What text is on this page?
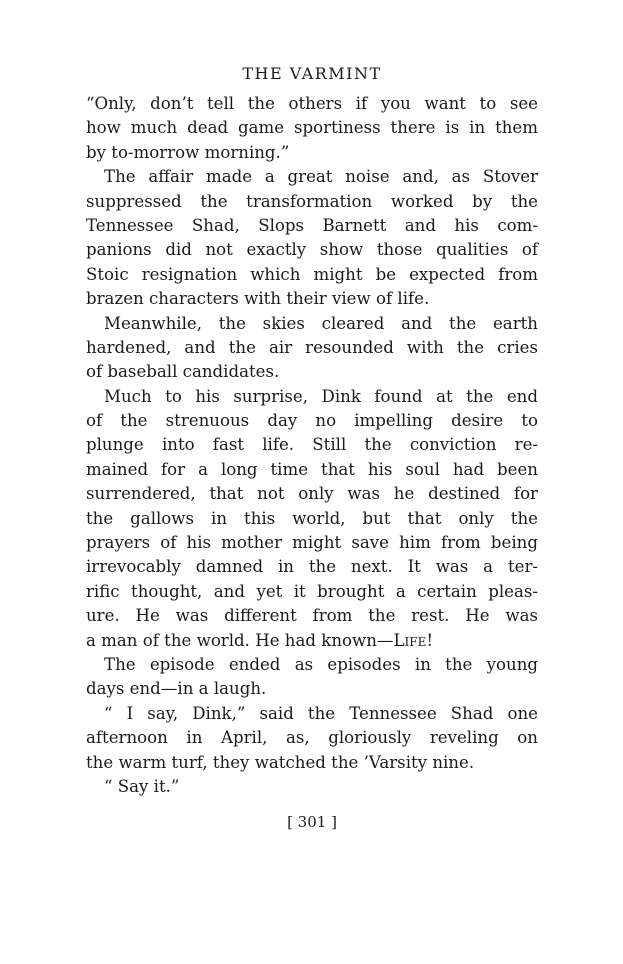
THE VARMINT
“Only, don’t tell the others if you want to see
how much dead game sportiness there is in them
by to-morrow morning.”
The affair made a great noise and, as Stover
suppressed the transformation worked by the
Tennessee Shad, Slops Barnett and his com-
panions did not exactly show those qualities of
Stoic resignation which might be expected from
brazen characters with their view of life.
Meanwhile, the skies cleared and the earth
hardened, and the air resounded with the cries
of baseball candidates.
Much to his surprise, Dink found at the end
of the strenuous day no impelling desire to
plunge into fast life. Still the conviction re-
mained for a long time that his soul had been
surrendered, that not only was he destined for
the gallows in this world, but that only the
prayers of his mother might save him from being
irrevocably damned in the next. It was a ter-
rific thought, and yet it brought a certain pleas-
ure. He was different from the rest. He was
a man of the world. He had known—Life!
The episode ended as episodes in the young
days end—in a laugh.
“ I say, Dink,” said the Tennessee Shad one
afternoon in April, as, gloriously reveling on
the warm turf, they watched the ’Varsity nine.
“ Say it.”
[ 301 ]
